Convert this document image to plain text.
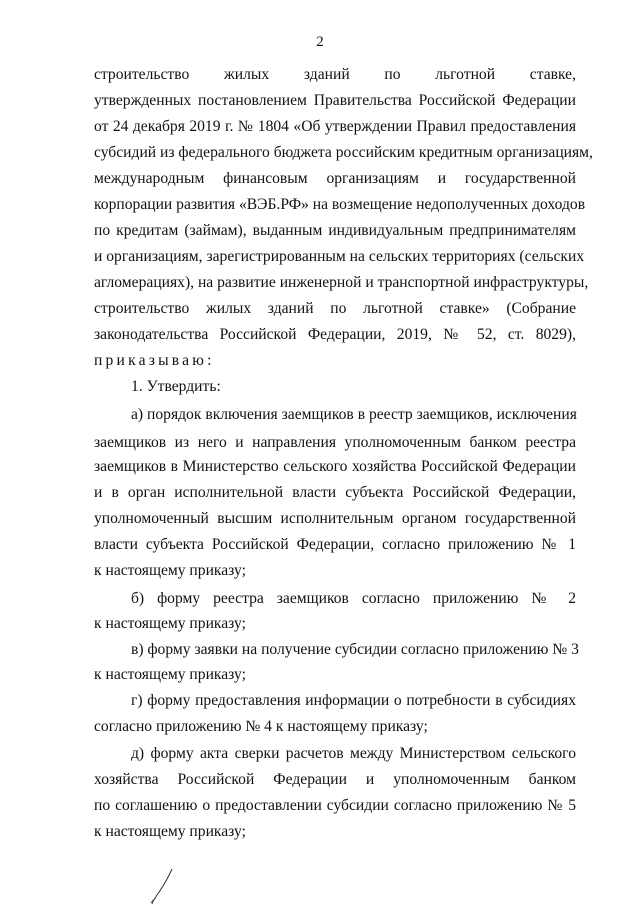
2
строительство жилых зданий по льготной ставке,
утвержденных постановлением Правительства Российской Федерации
от 24 декабря 2019 г. № 1804 «Об утверждении Правил предоставления
субсидий из федерального бюджета российским кредитным организациям,
международным финансовым организациям и государственной
корпорации развития «ВЭБ.РФ» на возмещение недополученных доходов
по кредитам (займам), выданным индивидуальным предпринимателям
и организациям, зарегистрированным на сельских территориях (сельских
агломерациях), на развитие инженерной и транспортной инфраструктуры,
строительство жилых зданий по льготной ставке» (Собрание
законодательства Российской Федерации, 2019, № 52, ст. 8029),
приказываю:
1. Утвердить:
а) порядок включения заемщиков в реестр заемщиков, исключения
заемщиков из него и направления уполномоченным банком реестра
заемщиков в Министерство сельского хозяйства Российской Федерации
и в орган исполнительной власти субъекта Российской Федерации,
уполномоченный высшим исполнительным органом государственной
власти субъекта Российской Федерации, согласно приложению № 1
к настоящему приказу;
б) форму реестра заемщиков согласно приложению № 2
к настоящему приказу;
в) форму заявки на получение субсидии согласно приложению № 3
к настоящему приказу;
г) форму предоставления информации о потребности в субсидиях
согласно приложению № 4 к настоящему приказу;
д) форму акта сверки расчетов между Министерством сельского
хозяйства Российской Федерации и уполномоченным банком
по соглашению о предоставлении субсидии согласно приложению № 5
к настоящему приказу;
